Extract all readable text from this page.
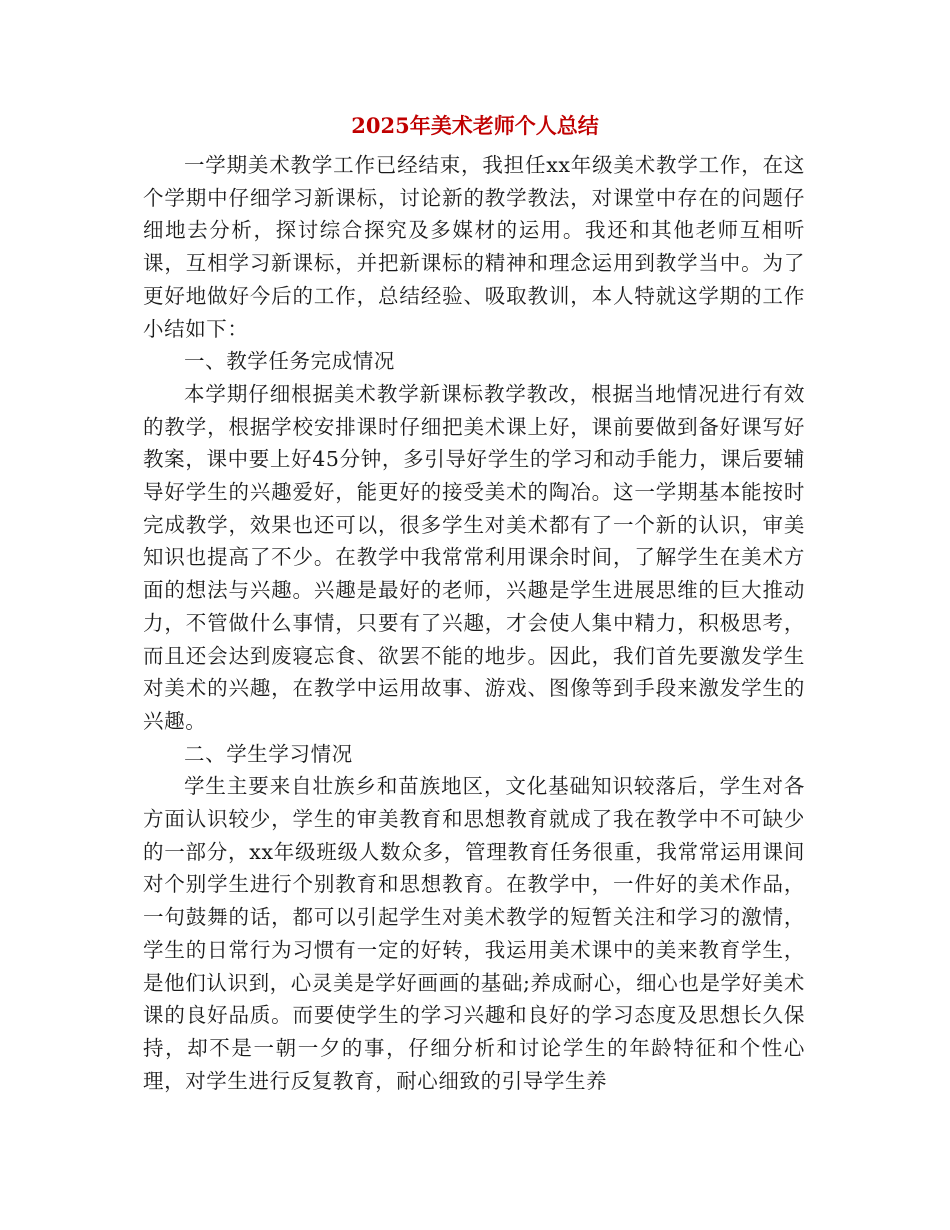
2025年美术老师个人总结

一学期美术教学工作已经结束，我担任xx年级美术教学工作，在这个学期中仔细学习新课标，讨论新的教学教法，对课堂中存在的问题仔细地去分析，探讨综合探究及多媒材的运用。我还和其他老师互相听课，互相学习新课标，并把新课标的精神和理念运用到教学当中。为了更好地做好今后的工作，总结经验、吸取教训，本人特就这学期的工作小结如下：

一、教学任务完成情况

本学期仔细根据美术教学新课标教学教改，根据当地情况进行有效的教学，根据学校安排课时仔细把美术课上好，课前要做到备好课写好教案，课中要上好45分钟，多引导好学生的学习和动手能力，课后要辅导好学生的兴趣爱好，能更好的接受美术的陶冶。这一学期基本能按时完成教学，效果也还可以，很多学生对美术都有了一个新的认识，审美知识也提高了不少。在教学中我常常利用课余时间，了解学生在美术方面的想法与兴趣。兴趣是最好的老师，兴趣是学生进展思维的巨大推动力，不管做什么事情，只要有了兴趣，才会使人集中精力，积极思考，而且还会达到废寝忘食、欲罢不能的地步。因此，我们首先要激发学生对美术的兴趣，在教学中运用故事、游戏、图像等到手段来激发学生的兴趣。

二、学生学习情况

学生主要来自壮族乡和苗族地区，文化基础知识较落后，学生对各方面认识较少，学生的审美教育和思想教育就成了我在教学中不可缺少的一部分，xx年级班级人数众多，管理教育任务很重，我常常运用课间对个别学生进行个别教育和思想教育。在教学中，一件好的美术作品，一句鼓舞的话，都可以引起学生对美术教学的短暂关注和学习的激情，学生的日常行为习惯有一定的好转，我运用美术课中的美来教育学生，是他们认识到，心灵美是学好画画的基础;养成耐心，细心也是学好美术课的良好品质。而要使学生的学习兴趣和良好的学习态度及思想长久保持，却不是一朝一夕的事，仔细分析和讨论学生的年龄特征和个性心理，对学生进行反复教育，耐心细致的引导学生养
